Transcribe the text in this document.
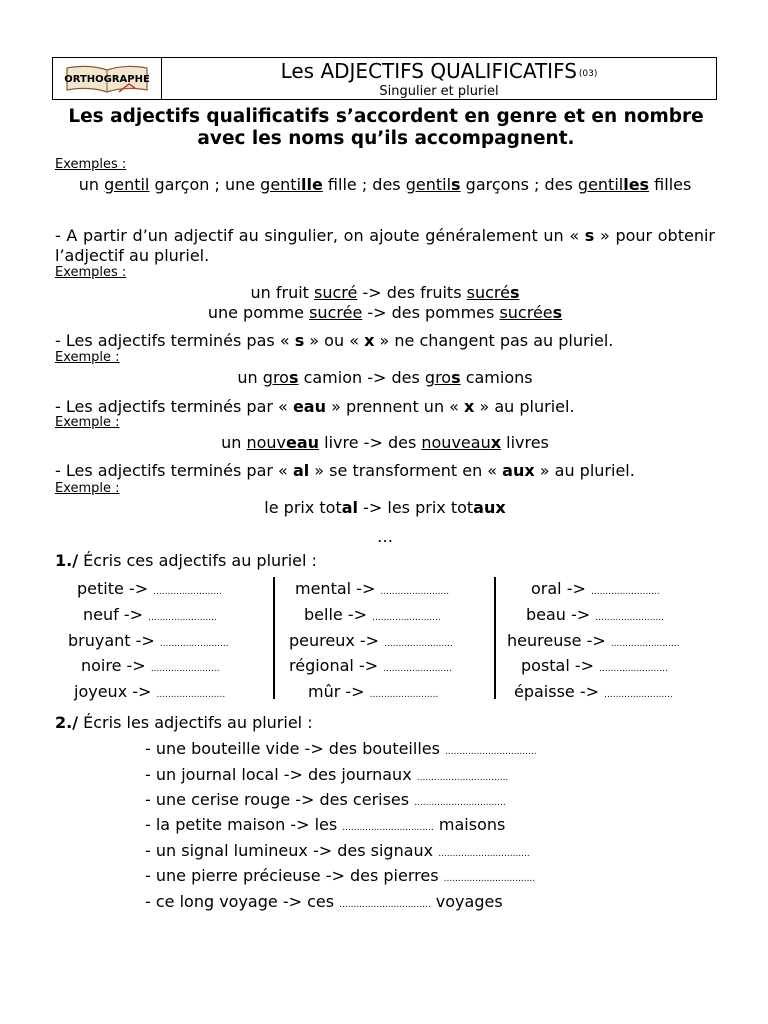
ORTHOGRAPHE	Les ADJECTIFS QUALIFICATIFS (03)
Singulier et pluriel
Les adjectifs qualificatifs s’accordent en genre et en nombre avec les noms qu’ils accompagnent.
Exemples :
un gentil garçon ; une gentille fille ; des gentils garçons ; des gentilles filles
- A partir d’un adjectif au singulier, on ajoute généralement un « s » pour obtenir l’adjectif au pluriel.
Exemples :
un fruit sucré -> des fruits sucrés
une pomme sucrée -> des pommes sucrées
- Les adjectifs terminés pas « s » ou « x » ne changent pas au pluriel.
Exemple :
un gros camion -> des gros camions
- Les adjectifs terminés par « eau » prennent un « x » au pluriel.
Exemple :
un nouveau livre -> des nouveaux livres
- Les adjectifs terminés par « al » se transforment en « aux » au pluriel.
Exemple :
le prix total -> les prix totaux
…
1./ Écris ces adjectifs au pluriel :
petite -> ........................
neuf -> ........................
bruyant -> ........................
noire -> ........................
joyeux -> ........................
mental -> ........................
belle -> ........................
peureux -> ........................
régional -> ........................
mûr -> ........................
oral -> ........................
beau -> ........................
heureuse -> ........................
postal -> ........................
épaisse -> ........................
2./ Écris les adjectifs au pluriel :
- une bouteille vide -> des bouteilles ................................
- un journal local -> des journaux ................................
- une cerise rouge -> des cerises ................................
- la petite maison -> les ................................ maisons
- un signal lumineux -> des signaux ................................
- une pierre précieuse -> des pierres ................................
- ce long voyage -> ces ................................ voyages
